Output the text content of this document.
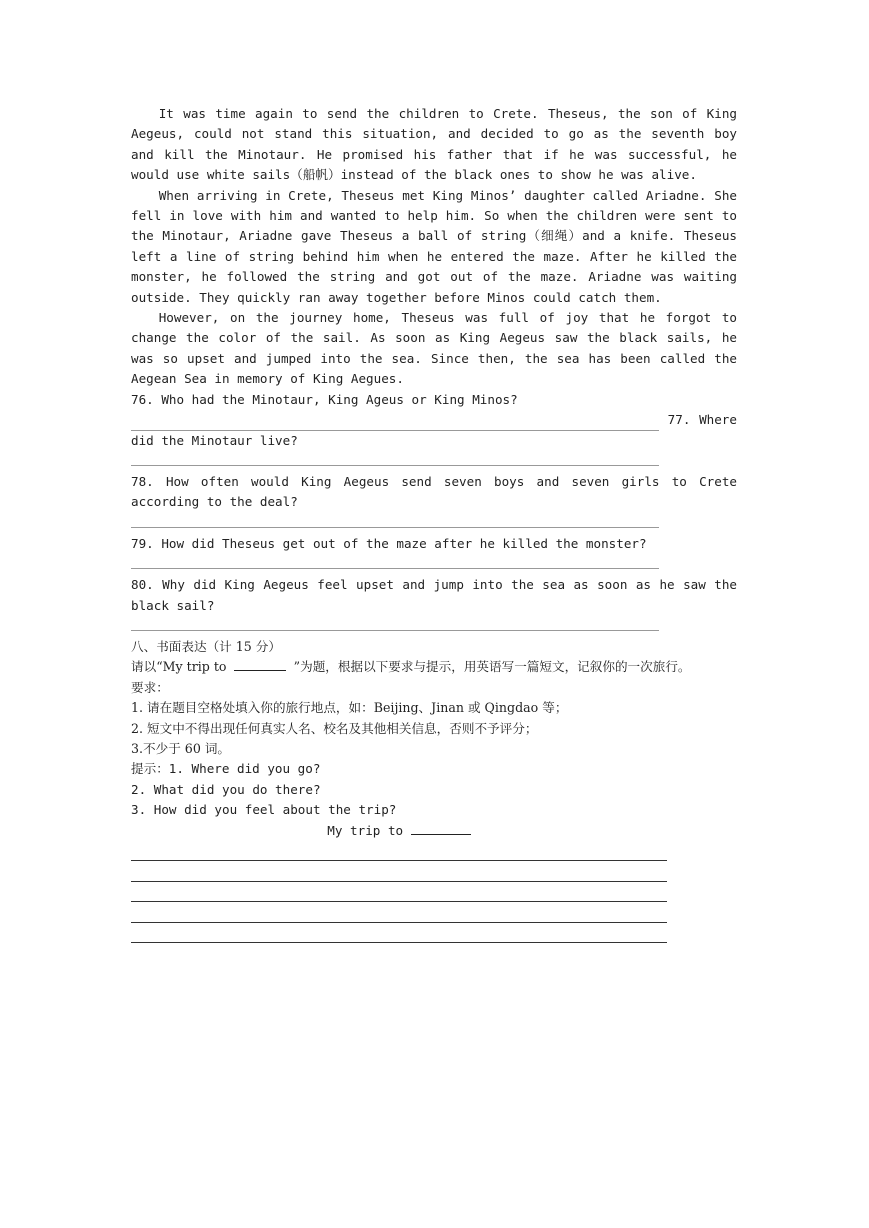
It was time again to send the children to Crete. Theseus, the son of King Aegeus, could not stand this situation, and decided to go as the seventh boy and kill the Minotaur. He promised his father that if he was successful, he would use white sails（船帆）instead of the black ones to show he was alive.

When arriving in Crete, Theseus met King Minos’ daughter called Ariadne. She fell in love with him and wanted to help him. So when the children were sent to the Minotaur, Ariadne gave Theseus a ball of string（细绳）and a knife. Theseus left a line of string behind him when he entered the maze. After he killed the monster, he followed the string and got out of the maze. Ariadne was waiting outside. They quickly ran away together before Minos could catch them.

However, on the journey home, Theseus was full of joy that he forgot to change the color of the sail. As soon as King Aegeus saw the black sails, he was so upset and jumped into the sea. Since then, the sea has been called the Aegean Sea in memory of King Aegues.

76. Who had the Minotaur, King Ageus or King Minos?

77. Where

did the Minotaur live?

78. How often would King Aegeus send seven boys and seven girls to Crete according to the deal?

79. How did Theseus get out of the maze after he killed the monster?

80. Why did King Aegeus feel upset and jump into the sea as soon as he saw the black sail?

八、书面表达（计 15 分）

请以“My trip to	”为题，根据以下要求与提示，用英语写一篇短文，记叙你的一次旅行。

要求：

1. 请在题目空格处填入你的旅行地点，如：Beijing、Jinan 或 Qingdao 等；

2. 短文中不得出现任何真实人名、校名及其他相关信息，否则不予评分；

3.不少于 60 词。

提示：1. Where did you go?

2. What did you do there?

3. How did you feel about the trip?

My trip to
